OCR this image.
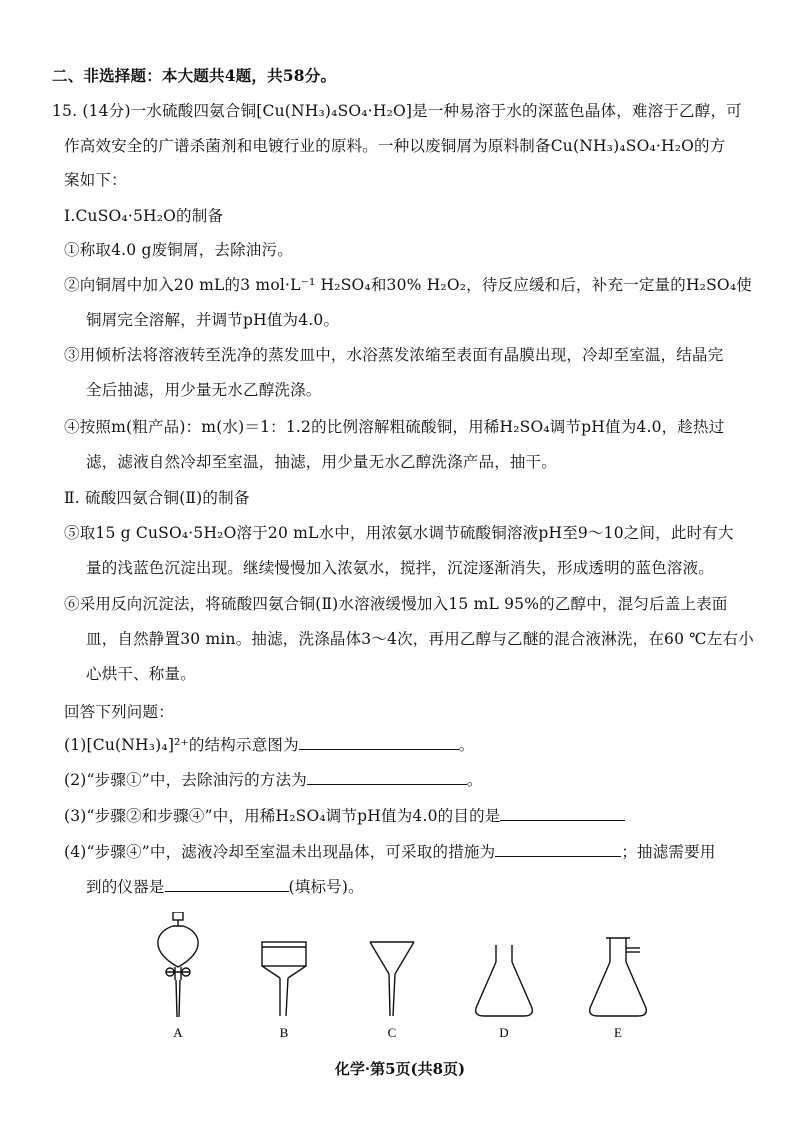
二、非选择题：本大题共4题，共58分。
15. (14分)一水硫酸四氨合铜[Cu(NH₃)₄SO₄·H₂O]是一种易溶于水的深蓝色晶体，难溶于乙醇，可
作高效安全的广谱杀菌剂和电镀行业的原料。一种以废铜屑为原料制备Cu(NH₃)₄SO₄·H₂O的方
案如下：
Ⅰ.CuSO₄·5H₂O的制备
①称取4.0 g废铜屑，去除油污。
②向铜屑中加入20 mL的3 mol·L⁻¹ H₂SO₄和30% H₂O₂，待反应缓和后，补充一定量的H₂SO₄使
铜屑完全溶解，并调节pH值为4.0。
③用倾析法将溶液转至洗净的蒸发皿中，水浴蒸发浓缩至表面有晶膜出现，冷却至室温，结晶完
全后抽滤，用少量无水乙醇洗涤。
④按照m(粗产品)：m(水)＝1：1.2的比例溶解粗硫酸铜，用稀H₂SO₄调节pH值为4.0，趁热过
滤，滤液自然冷却至室温，抽滤，用少量无水乙醇洗涤产品，抽干。
Ⅱ. 硫酸四氨合铜(Ⅱ)的制备
⑤取15 g CuSO₄·5H₂O溶于20 mL水中，用浓氨水调节硫酸铜溶液pH至9～10之间，此时有大
量的浅蓝色沉淀出现。继续慢慢加入浓氨水，搅拌，沉淀逐渐消失，形成透明的蓝色溶液。
⑥采用反向沉淀法，将硫酸四氨合铜(Ⅱ)水溶液缓慢加入15 mL 95%的乙醇中，混匀后盖上表面
皿，自然静置30 min。抽滤，洗涤晶体3～4次，再用乙醇与乙醚的混合液淋洗，在60 ℃左右小
心烘干、称量。
回答下列问题：
(1)[Cu(NH₃)₄]²⁺的结构示意图为	。
(2)“步骤①”中，去除油污的方法为	。
(3)“步骤②和步骤④”中，用稀H₂SO₄调节pH值为4.0的目的是
(4)“步骤④”中，滤液冷却至室温未出现晶体，可采取的措施为	；抽滤需要用
到的仪器是	(填标号)。
A	B	C	D	E
化学·第5页(共8页)
